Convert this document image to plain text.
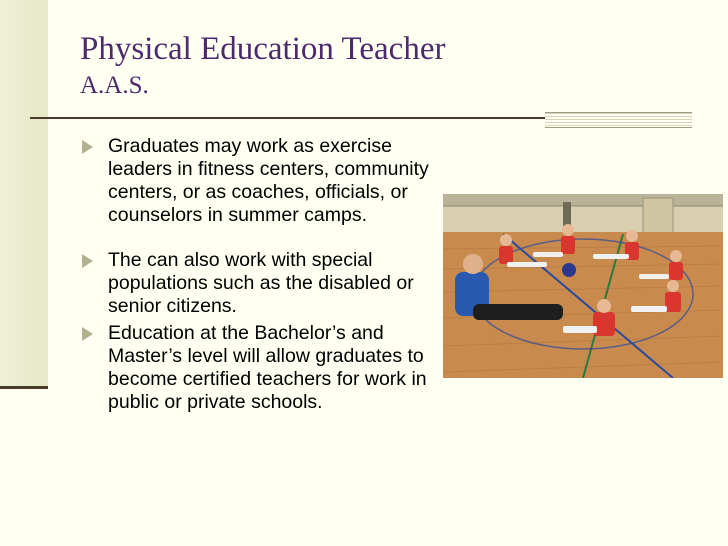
Physical Education Teacher
A.A.S.
Graduates may work as exercise leaders in fitness centers, community centers, or as coaches, officials, or counselors in summer camps.
The can also work with special populations such as the disabled or senior citizens.
Education at the Bachelor’s and Master’s level will allow graduates to become certified teachers for work in public or private schools.
